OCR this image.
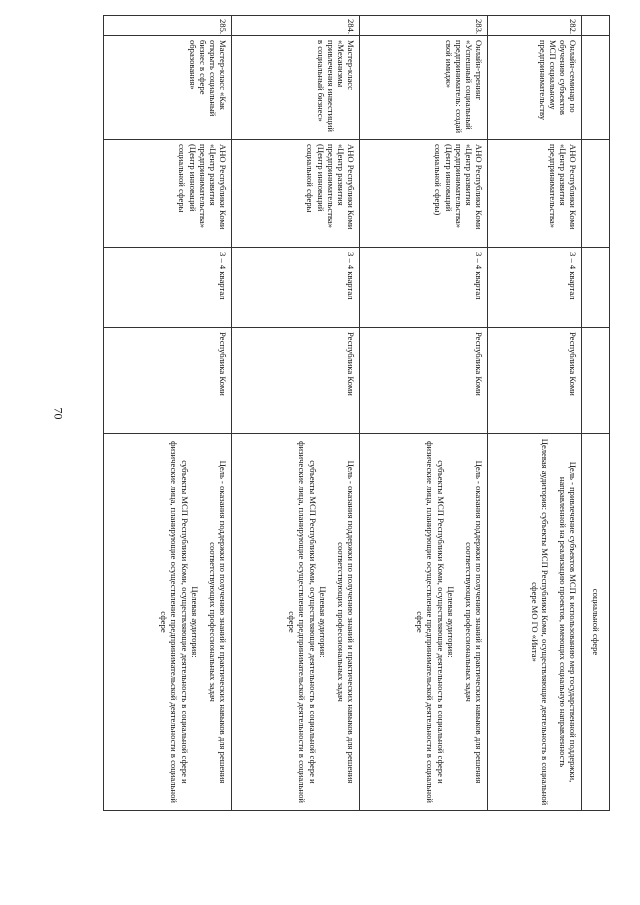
70
					социальной сфере
282.	Онлайн-семинар по обучению субъектов МСП социальному предпринимательству	АНО Республики Коми «Центр развития предпринимательства»	3 – 4 квартал	Республика Коми	Цель - привлечение субъектов МСП к использованию мер государственной поддержки, направленной на реализацию проектов, имеющих социальную направленность
Целевая аудитория: субъекты МСП Республики Коми, осуществляющие деятельность в социальной сфере МО ГО «Инта»

283.	Онлайн-тренинг «Успешный социальный предприниматель: создай свой имидж»	АНО Республики Коми «Центр развития предпринимательства» (Центр инноваций социальной сферы)	3 – 4 квартал	Республика Коми	Цель - оказания поддержки по получению знаний и практических навыков для решения соответствующих профессиональных задач
Целевая аудитория:
субъекты МСП Республики Коми, осуществляющие деятельность в социальной сфере и физические лица, планирующие осуществление предпринимательской деятельности в социальной сфере

284.	Мастер-класс «Механизмы привлечения инвестиций в социальный бизнес»	АНО Республики Коми «Центр развития предпринимательства» (Центр инноваций социальной сферы	3 – 4 квартал	Республика Коми	Цель - оказания поддержки по получению знаний и практических навыков для решения соответствующих профессиональных задач
Целевая аудитория:
субъекты МСП Республики Коми, осуществляющие деятельность в социальной сфере и физические лица, планирующие осуществление предпринимательской деятельности в социальной сфере

285.	Мастер-класс «Как открыть социальный бизнес в сфере образования»	АНО Республики Коми «Центр развития предпринимательства» (Центр инноваций социальной сферы	3 – 4 квартал	Республика Коми	Цель - оказания поддержки по получению знаний и практических навыков для решения соответствующих профессиональных задач
Целевая аудитория:
субъекты МСП Республики Коми, осуществляющие деятельность в социальной сфере и физические лица, планирующие осуществление предпринимательской деятельности в социальной сфере
